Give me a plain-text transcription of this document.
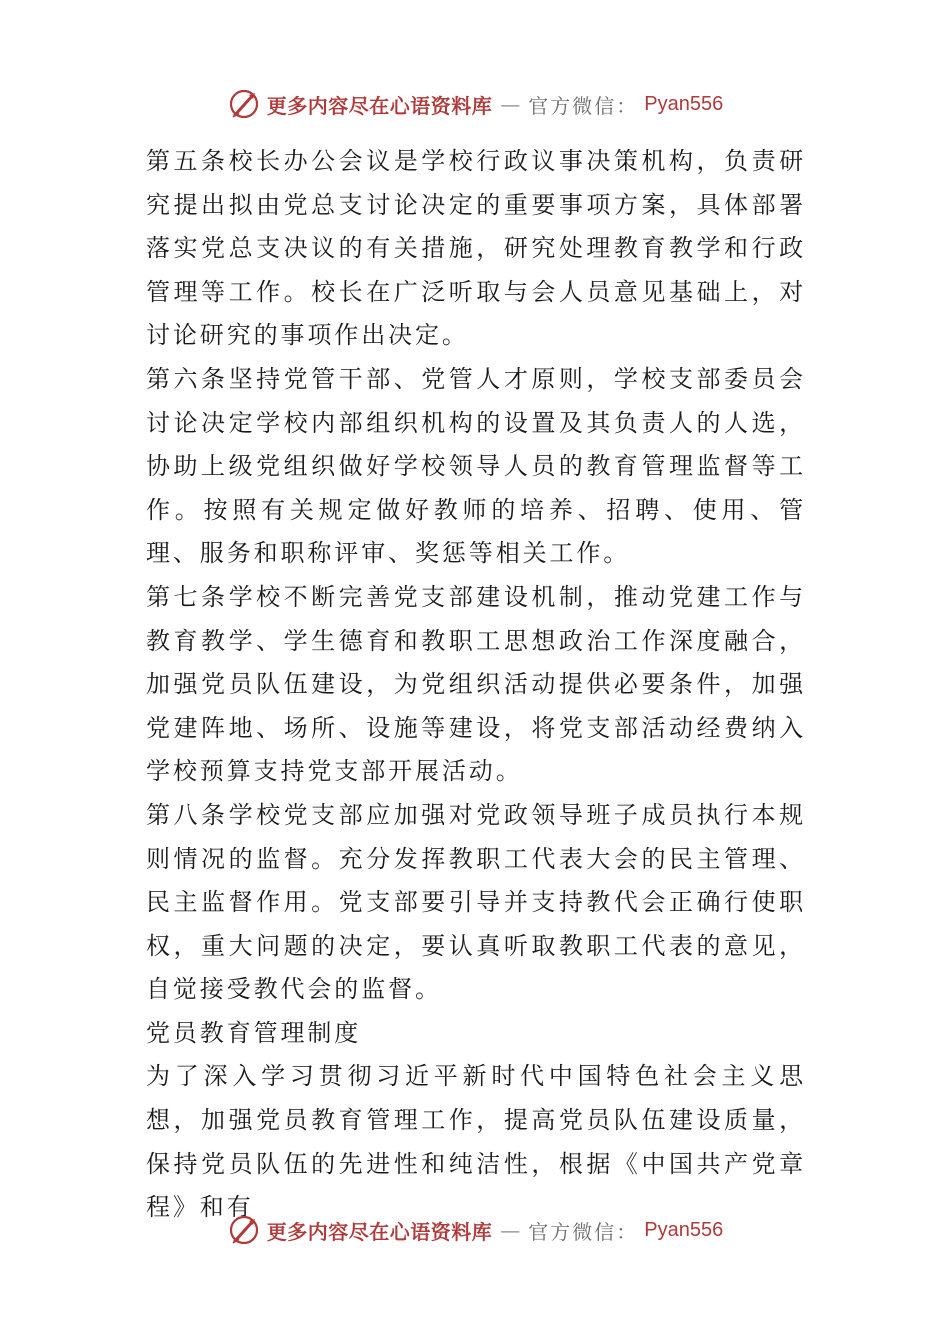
更多内容尽在心语资料库 — 官方微信： Pyan556

第五条校长办公会议是学校行政议事决策机构，负责研究提出拟由党总支讨论决定的重要事项方案，具体部署落实党总支决议的有关措施，研究处理教育教学和行政管理等工作。校长在广泛听取与会人员意见基础上，对讨论研究的事项作出决定。

第六条坚持党管干部、党管人才原则，学校支部委员会讨论决定学校内部组织机构的设置及其负责人的人选，协助上级党组织做好学校领导人员的教育管理监督等工作。按照有关规定做好教师的培养、招聘、使用、管理、服务和职称评审、奖惩等相关工作。

第七条学校不断完善党支部建设机制，推动党建工作与教育教学、学生德育和教职工思想政治工作深度融合，加强党员队伍建设，为党组织活动提供必要条件，加强党建阵地、场所、设施等建设，将党支部活动经费纳入学校预算支持党支部开展活动。

第八条学校党支部应加强对党政领导班子成员执行本规则情况的监督。充分发挥教职工代表大会的民主管理、民主监督作用。党支部要引导并支持教代会正确行使职权，重大问题的决定，要认真听取教职工代表的意见，自觉接受教代会的监督。

党员教育管理制度

为了深入学习贯彻习近平新时代中国特色社会主义思想，加强党员教育管理工作，提高党员队伍建设质量，保持党员队伍的先进性和纯洁性，根据《中国共产党章程》和有

更多内容尽在心语资料库 — 官方微信： Pyan556
